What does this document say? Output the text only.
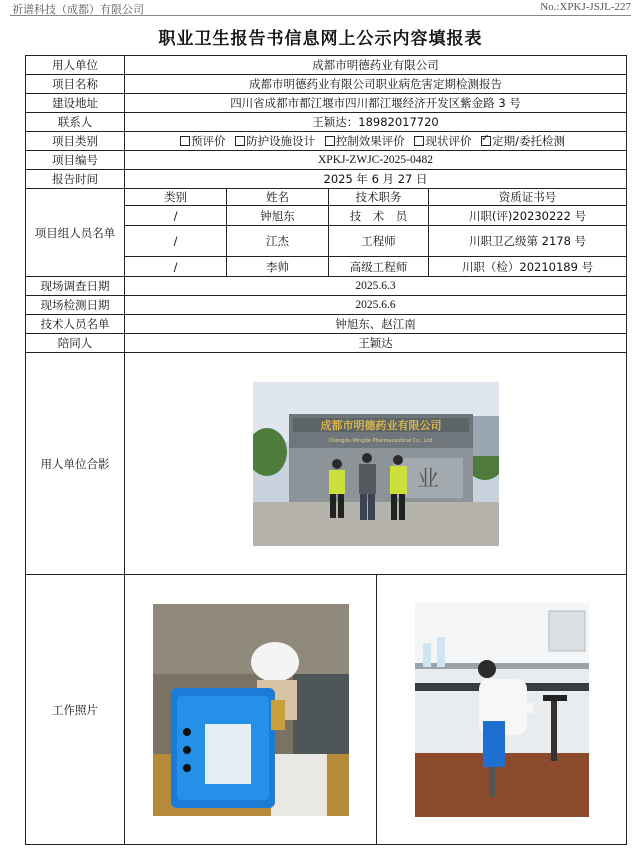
祈谱科技（成都）有限公司	No.:XPKJ-JSJL-227
职业卫生报告书信息网上公示内容填报表
用人单位	成都市明德药业有限公司				
项目名称	成都市明德药业有限公司职业病危害定期检测报告				
建设地址	四川省成都市都江堰市四川都江堰经济开发区紫金路 3 号				
联系人	王颖达：18982017720				
项目类别	预评价 防护设施设计 控制效果评价 现状评价 ✓ 定期/委托检测
项目编号	XPKJ-ZWJC-2025-0482				
报告时间	2025 年 6 月 27 日				
项目组人员名单	类别	姓名	技术职务		资质证书号
	/	钟旭东	技　术　员		川职(评)20230222 号
	/	江杰	工程师		川职卫乙级第 2178 号
	/	李帅	高级工程师		川职（检）20210189 号
现场调查日期	2025.6.3				
现场检测日期	2025.6.6				
技术人员名单	钟旭东、赵江南				
陪同人	王颖达				
用人单位合影	成都市明德药业有限公司
Chengdu Mingde Pharmaceutical Co., Ltd.
业				

工作照片	
